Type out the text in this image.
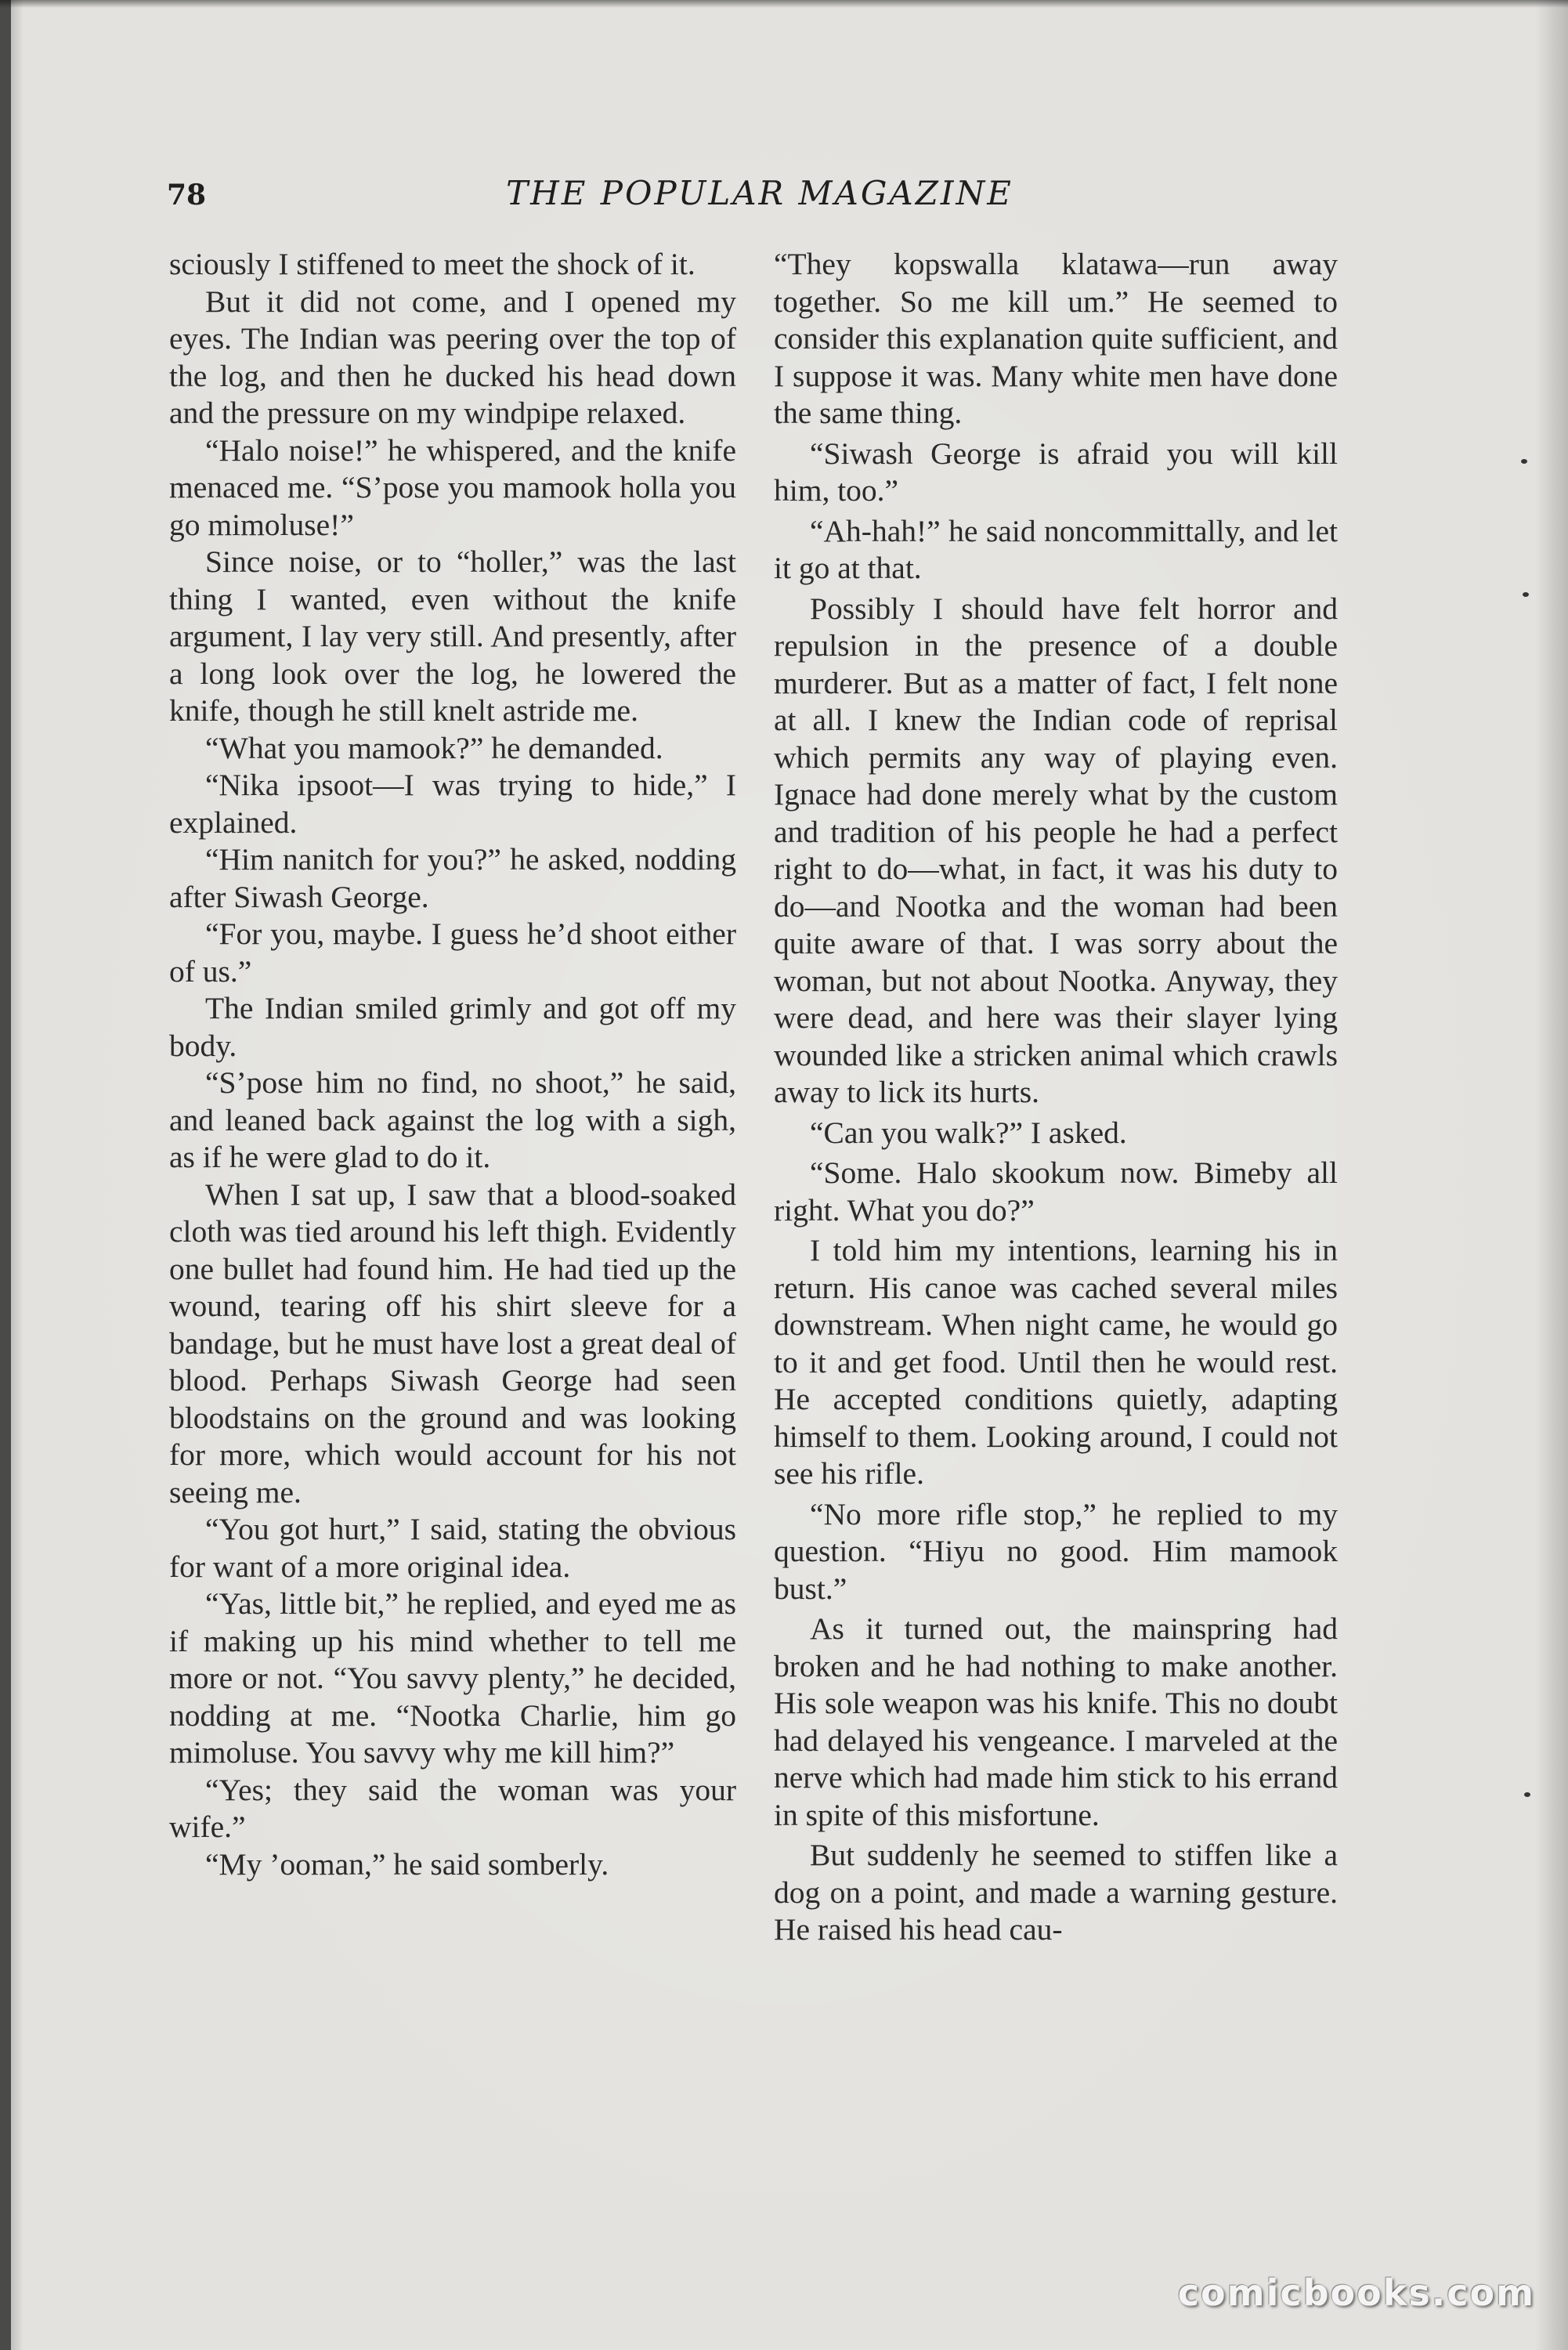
78	THE POPULAR MAGAZINE

sciously I stiffened to meet the shock of it.

But it did not come, and I opened my eyes. The Indian was peering over the top of the log, and then he ducked his head down and the pressure on my windpipe relaxed.

“Halo noise!” he whispered, and the knife menaced me. “S’pose you mamook holla you go mimoluse!”

Since noise, or to “holler,” was the last thing I wanted, even without the knife argument, I lay very still. And presently, after a long look over the log, he lowered the knife, though he still knelt astride me.

“What you mamook?” he demanded.

“Nika ipsoot—I was trying to hide,” I explained.

“Him nanitch for you?” he asked, nodding after Siwash George.

“For you, maybe. I guess he’d shoot either of us.”

The Indian smiled grimly and got off my body.

“S’pose him no find, no shoot,” he said, and leaned back against the log with a sigh, as if he were glad to do it.

When I sat up, I saw that a blood-soaked cloth was tied around his left thigh. Evidently one bullet had found him. He had tied up the wound, tearing off his shirt sleeve for a bandage, but he must have lost a great deal of blood. Perhaps Siwash George had seen bloodstains on the ground and was looking for more, which would account for his not seeing me.

“You got hurt,” I said, stating the obvious for want of a more original idea.

“Yas, little bit,” he replied, and eyed me as if making up his mind whether to tell me more or not. “You savvy plenty,” he decided, nodding at me. “Nootka Charlie, him go mimoluse. You savvy why me kill him?”

“Yes; they said the woman was your wife.”

“My ’ooman,” he said somberly.

“They kopswalla klatawa—run away together. So me kill um.” He seemed to consider this explanation quite sufficient, and I suppose it was. Many white men have done the same thing.

“Siwash George is afraid you will kill him, too.”

“Ah-hah!” he said noncommittally, and let it go at that.

Possibly I should have felt horror and repulsion in the presence of a double murderer. But as a matter of fact, I felt none at all. I knew the Indian code of reprisal which permits any way of playing even. Ignace had done merely what by the custom and tradition of his people he had a perfect right to do—what, in fact, it was his duty to do—and Nootka and the woman had been quite aware of that. I was sorry about the woman, but not about Nootka. Anyway, they were dead, and here was their slayer lying wounded like a stricken animal which crawls away to lick its hurts.

“Can you walk?” I asked.

“Some. Halo skookum now. Bimeby all right. What you do?”

I told him my intentions, learning his in return. His canoe was cached several miles downstream. When night came, he would go to it and get food. Until then he would rest. He accepted conditions quietly, adapting himself to them. Looking around, I could not see his rifle.

“No more rifle stop,” he replied to my question. “Hiyu no good. Him mamook bust.”

As it turned out, the mainspring had broken and he had nothing to make another. His sole weapon was his knife. This no doubt had delayed his vengeance. I marveled at the nerve which had made him stick to his errand in spite of this misfortune.

But suddenly he seemed to stiffen like a dog on a point, and made a warning gesture. He raised his head cau-

comicbooks.com
